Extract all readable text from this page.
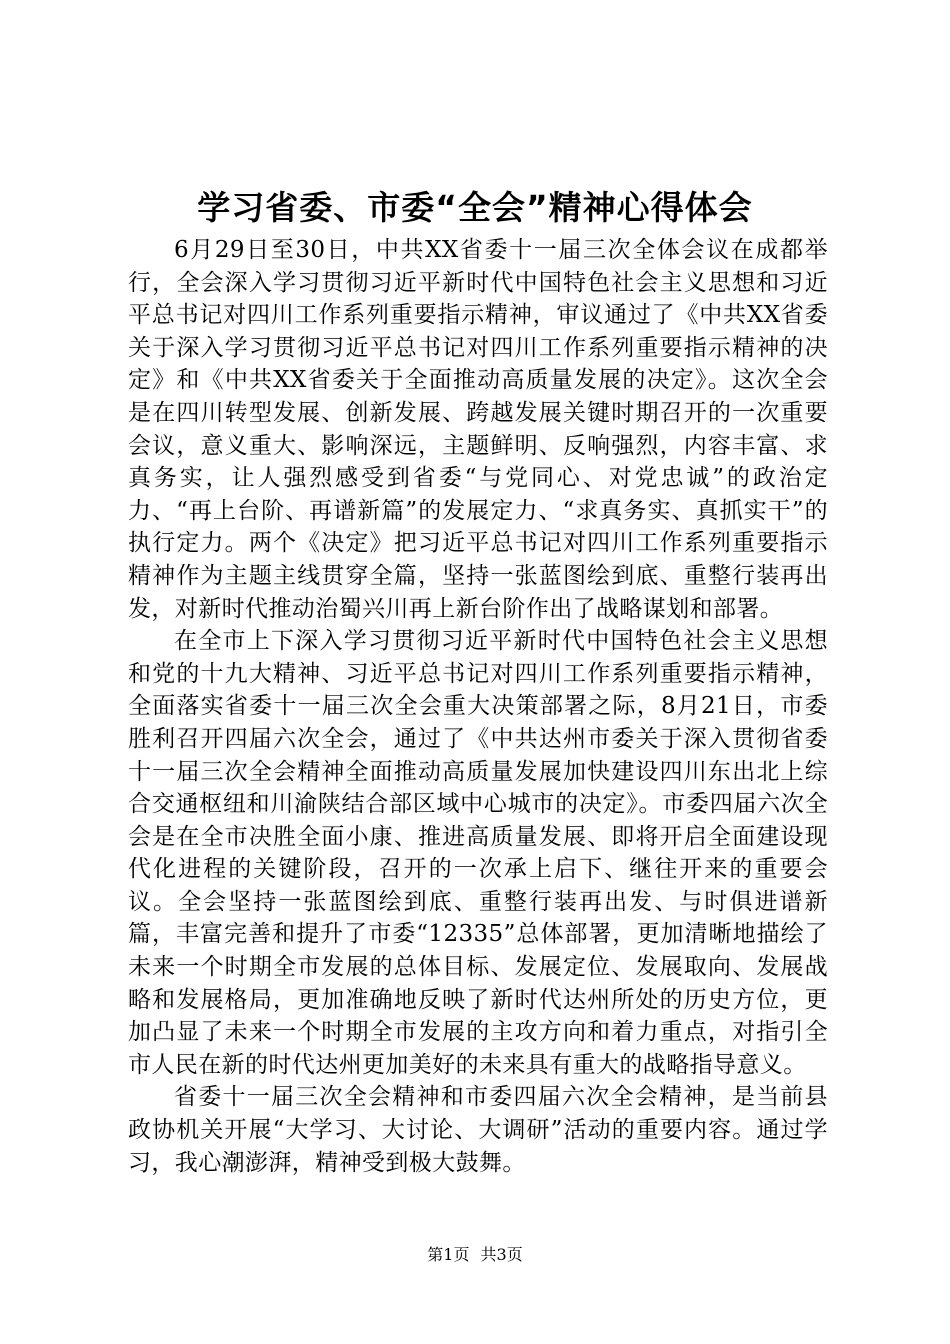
学习省委、市委“全会”精神心得体会

6月29日至30日，中共XX省委十一届三次全体会议在成都举行，全会深入学习贯彻习近平新时代中国特色社会主义思想和习近平总书记对四川工作系列重要指示精神，审议通过了《中共XX省委关于深入学习贯彻习近平总书记对四川工作系列重要指示精神的决定》和《中共XX省委关于全面推动高质量发展的决定》。这次全会是在四川转型发展、创新发展、跨越发展关键时期召开的一次重要会议，意义重大、影响深远，主题鲜明、反响强烈，内容丰富、求真务实，让人强烈感受到省委“与党同心、对党忠诚”的政治定力、“再上台阶、再谱新篇”的发展定力、“求真务实、真抓实干”的执行定力。两个《决定》把习近平总书记对四川工作系列重要指示精神作为主题主线贯穿全篇，坚持一张蓝图绘到底、重整行装再出发，对新时代推动治蜀兴川再上新台阶作出了战略谋划和部署。

在全市上下深入学习贯彻习近平新时代中国特色社会主义思想和党的十九大精神、习近平总书记对四川工作系列重要指示精神，全面落实省委十一届三次全会重大决策部署之际，8月21日，市委胜利召开四届六次全会，通过了《中共达州市委关于深入贯彻省委十一届三次全会精神全面推动高质量发展加快建设四川东出北上综合交通枢纽和川渝陕结合部区域中心城市的决定》。市委四届六次全会是在全市决胜全面小康、推进高质量发展、即将开启全面建设现代化进程的关键阶段，召开的一次承上启下、继往开来的重要会议。全会坚持一张蓝图绘到底、重整行装再出发、与时俱进谱新篇，丰富完善和提升了市委“12335”总体部署，更加清晰地描绘了未来一个时期全市发展的总体目标、发展定位、发展取向、发展战略和发展格局，更加准确地反映了新时代达州所处的历史方位，更加凸显了未来一个时期全市发展的主攻方向和着力重点，对指引全市人民在新的时代达州更加美好的未来具有重大的战略指导意义。

省委十一届三次全会精神和市委四届六次全会精神，是当前县政协机关开展“大学习、大讨论、大调研”活动的重要内容。通过学习，我心潮澎湃，精神受到极大鼓舞。

第1页 共3页
